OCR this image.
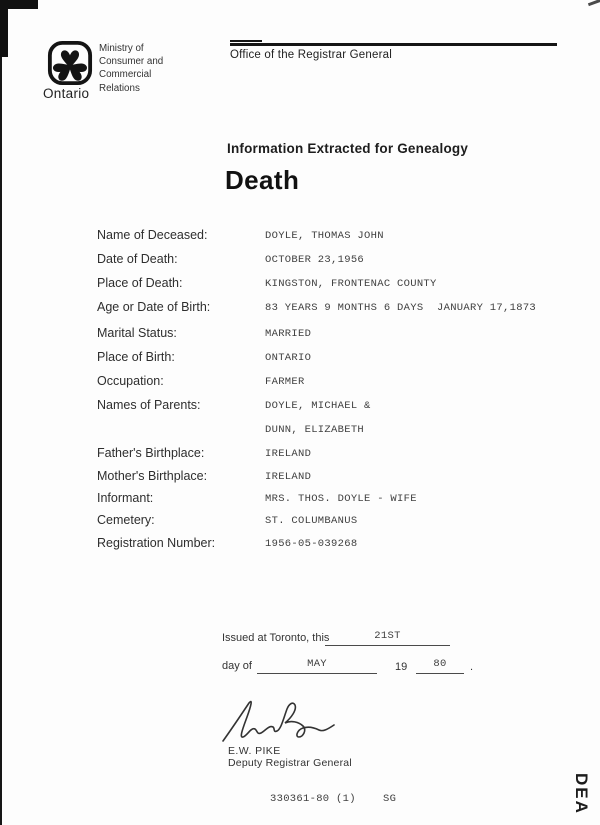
Ontario
Ministry of
Consumer and
Commercial
Relations
Office of the Registrar General
Information Extracted for Genealogy
Death
Name of Deceased:	DOYLE, THOMAS JOHN
Date of Death:	OCTOBER 23,1956
Place of Death:	KINGSTON, FRONTENAC COUNTY
Age or Date of Birth:	83 YEARS 9 MONTHS 6 DAYS JANUARY 17,1873
Marital Status:	MARRIED
Place of Birth:	ONTARIO
Occupation:	FARMER
Names of Parents:	DOYLE, MICHAEL &
DUNN, ELIZABETH
Father's Birthplace:	IRELAND
Mother's Birthplace:	IRELAND
Informant:	MRS. THOS. DOYLE - WIFE
Cemetery:	ST. COLUMBANUS
Registration Number:	1956-05-039268
Issued at Toronto, this	21ST
day of	MAY	19	80	.
E.W. PIKE
Deputy Registrar General
330361-80 (1)	SG	DEA
